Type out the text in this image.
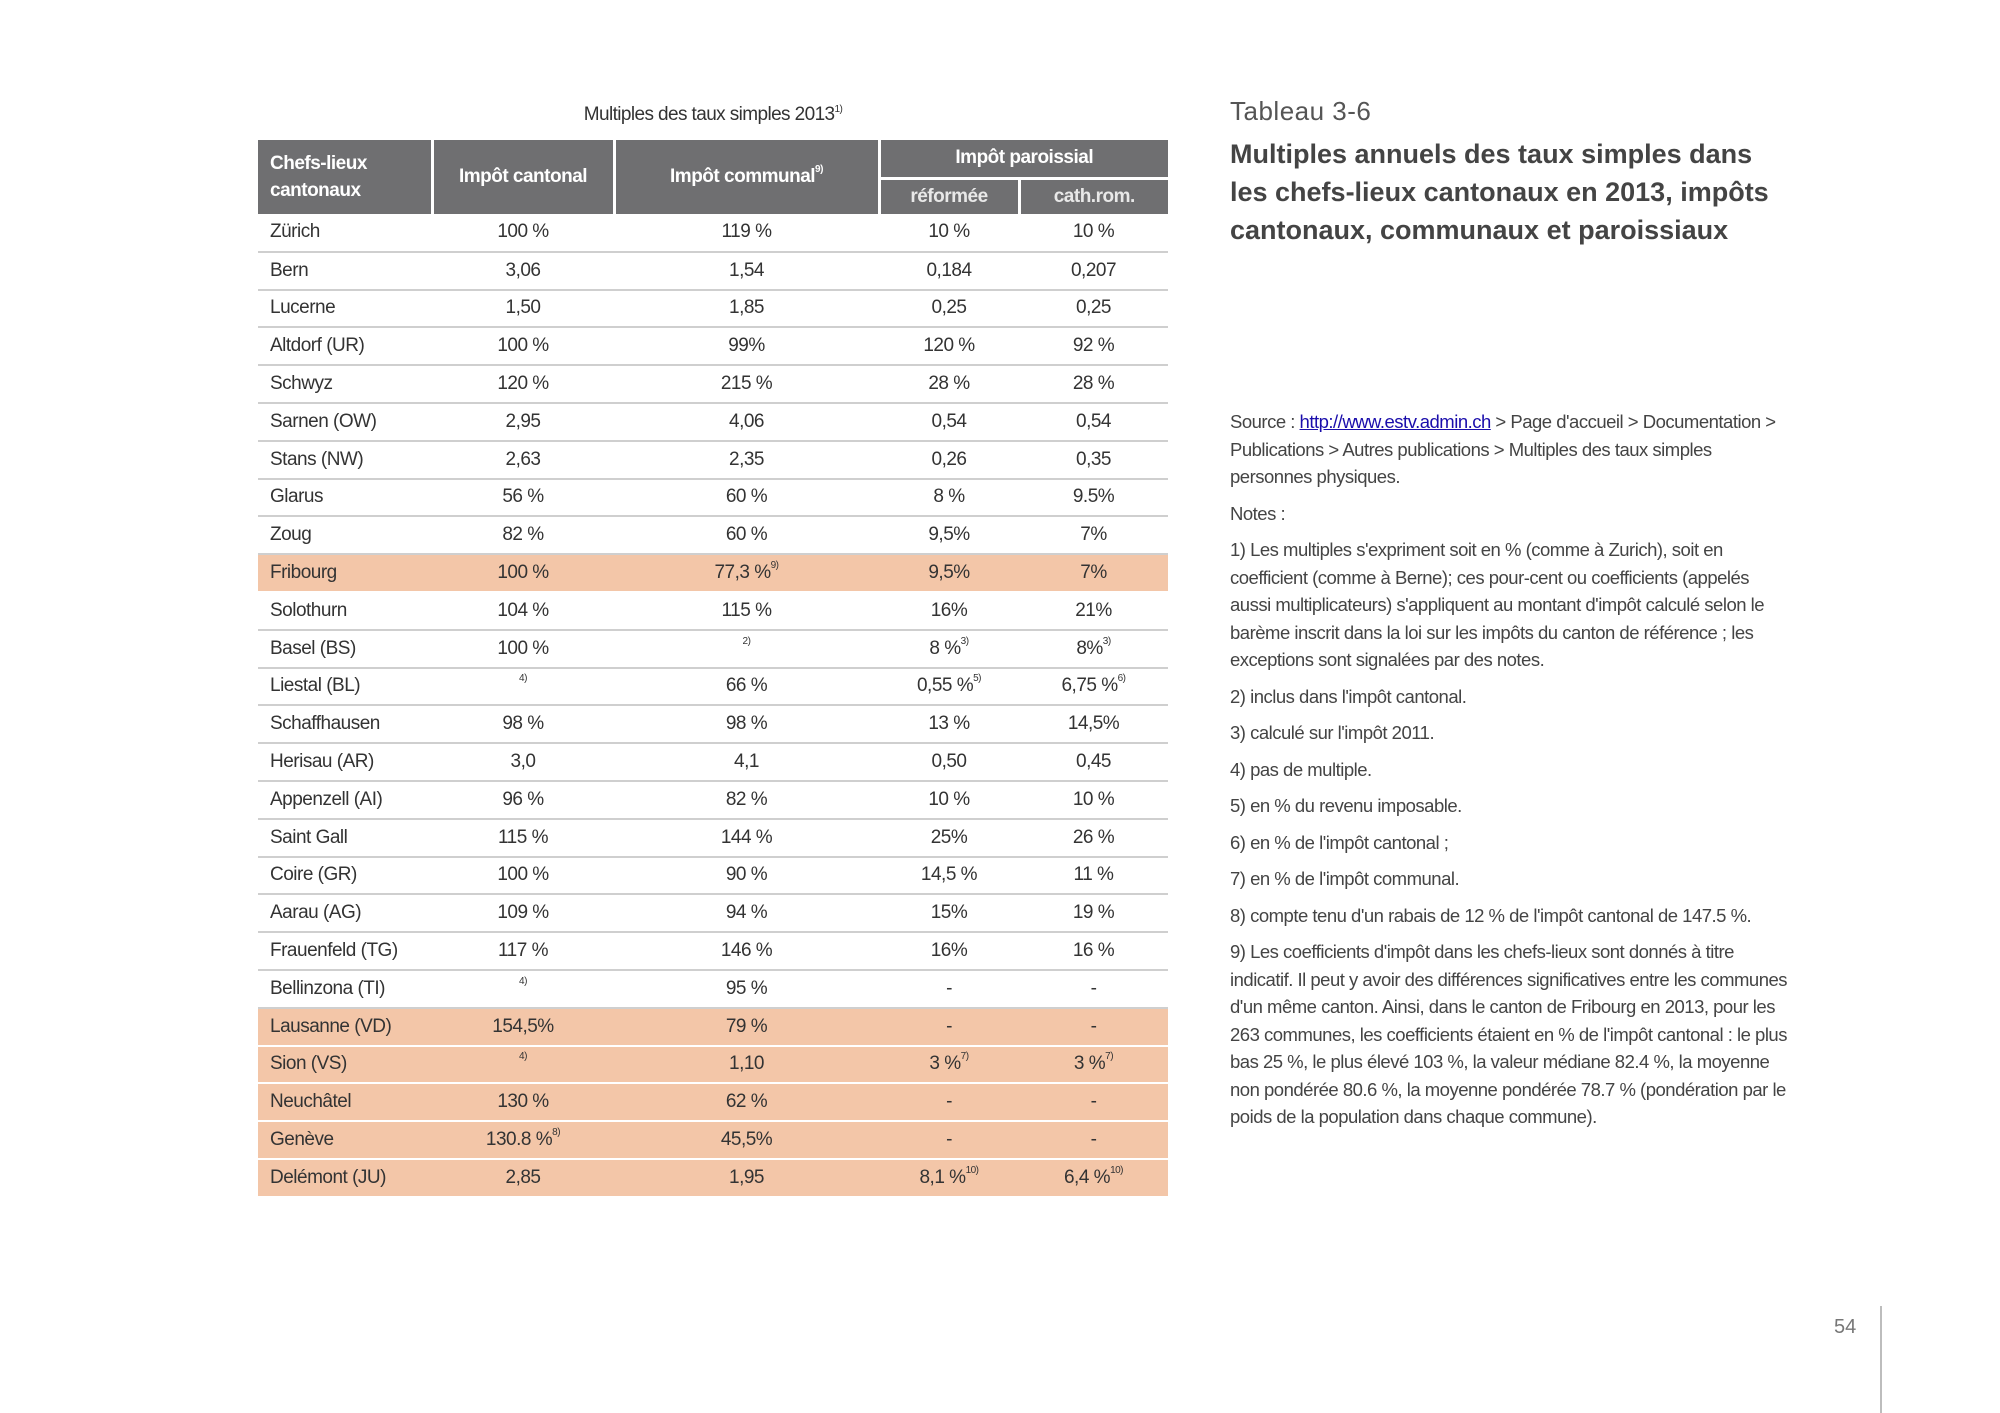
Multiples des taux simples 2013$^{1)}$
Chefs-lieux cantonaux	Impôt cantonal	Impôt communal$^{9)}$	Impôt paroissial	
			réformée	cath.rom.
Zürich	100 %	119 %	10 %	10 %
Bern	3,06	1,54	0,184	0,207
Lucerne	1,50	1,85	0,25	0,25
Altdorf (UR)	100 %	99%	120 %	92 %
Schwyz	120 %	215 %	28 %	28 %
Sarnen (OW)	2,95	4,06	0,54	0,54
Stans (NW)	2,63	2,35	0,26	0,35
Glarus	56 %	60 %	8 %	9.5%
Zoug	82 %	60 %	9,5%	7%
Fribourg	100 %	77,3 %$^{9)}$	9,5%	7%
Solothurn	104 %	115 %	16%	21%
Basel (BS)	100 %	$^{2)}$	8 %$^{3)}$	8%$^{3)}$
Liestal (BL)	$^{4)}$	66 %	0,55 %$^{5)}$	6,75 %$^{6)}$
Schaffhausen	98 %	98 %	13 %	14,5%
Herisau (AR)	3,0	4,1	0,50	0,45
Appenzell (AI)	96 %	82 %	10 %	10 %
Saint Gall	115 %	144 %	25%	26 %
Coire (GR)	100 %	90 %	14,5 %	11 %
Aarau (AG)	109 %	94 %	15%	19 %
Frauenfeld (TG)	117 %	146 %	16%	16 %
Bellinzona (TI)	$^{4)}$	95 %	-	-
Lausanne (VD)	154,5%	79 %	-	-
Sion (VS)	$^{4)}$	1,10	3 %$^{7)}$	3 %$^{7)}$
Neuchâtel	130 %	62 %	-	-
Genève	130.8 %$^{8)}$	45,5%	-	-
Delémont (JU)	2,85	1,95	8,1 %$^{10)}$	6,4 %$^{10)}$
Tableau 3-6
Multiples annuels des taux simples dans les chefs-lieux cantonaux en 2013, impôts cantonaux, communaux et paroissiaux

Source : http://www.estv.admin.ch > Page d'accueil > Documentation > Publications > Autres publications > Multiples des taux simples personnes physiques.

Notes :

1) Les multiples s'expriment soit en % (comme à Zurich), soit en coefficient (comme à Berne); ces pour-cent ou coefficients (appelés aussi multiplicateurs) s'appliquent au montant d'impôt calculé selon le barème inscrit dans la loi sur les impôts du canton de référence ; les exceptions sont signalées par des notes.

2) inclus dans l'impôt cantonal.

3) calculé sur l'impôt 2011.

4) pas de multiple.

5) en % du revenu imposable.

6) en % de l'impôt cantonal ;

7) en % de l'impôt communal.

8) compte tenu d'un rabais de 12 % de l'impôt cantonal de 147.5 %.

9) Les coefficients d'impôt dans les chefs-lieux sont donnés à titre indicatif. Il peut y avoir des différences significatives entre les communes d'un même canton. Ainsi, dans le canton de Fribourg en 2013, pour les 263 communes, les coefficients étaient en % de l'impôt cantonal : le plus bas 25 %, le plus élevé 103 %, la valeur médiane 82.4 %, la moyenne non pondérée 80.6 %, la moyenne pondérée 78.7 % (pondération par le poids de la population dans chaque commune).

54
